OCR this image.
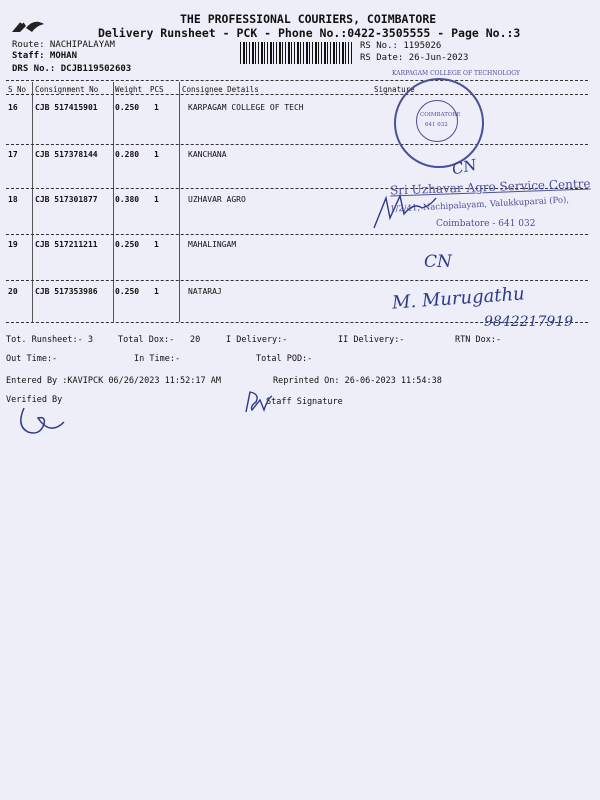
THE PROFESSIONAL COURIERS, COIMBATORE
Delivery Runsheet - PCK - Phone No.:0422-3505555 - Page No.:3
Route: NACHIPALAYAM
Staff: MOHAN
DRS No.: DCJB119502603
RS No.: 1195026
RS Date: 26-Jun-2023
S No Consignment No Weight PCS Consignee Details	Signature
16 CJB 517415901 0.250 1	KARPAGAM COLLEGE OF TECH
17 CJB 517378144 0.280 1	KANCHANA
18 CJB 517301877 0.380 1	UZHAVAR AGRO
19 CJB 517211211 0.250 1	MAHALINGAM
20 CJB 517353986 0.250 1	NATARAJ
KARPAGAM COLLEGE OF TECHNOLOGY
COIMBATORE
641 032
Sri Uzhavar Agro Service Centre
1/2/41, Nachipalayam, Valukkuparai (Po),
Coimbatore - 641 032
CN
CN
M. Murugathu
9842217919
Tot. Runsheet:- 3	Total Dox:- 20	I Delivery:-	II Delivery:-	RTN Dox:-
Out Time:-	In Time:-	Total POD:-
Entered By :KAVIPCK 06/26/2023 11:52:17 AM	Reprinted On: 26-06-2023 11:54:38
Verified By	Staff Signature
